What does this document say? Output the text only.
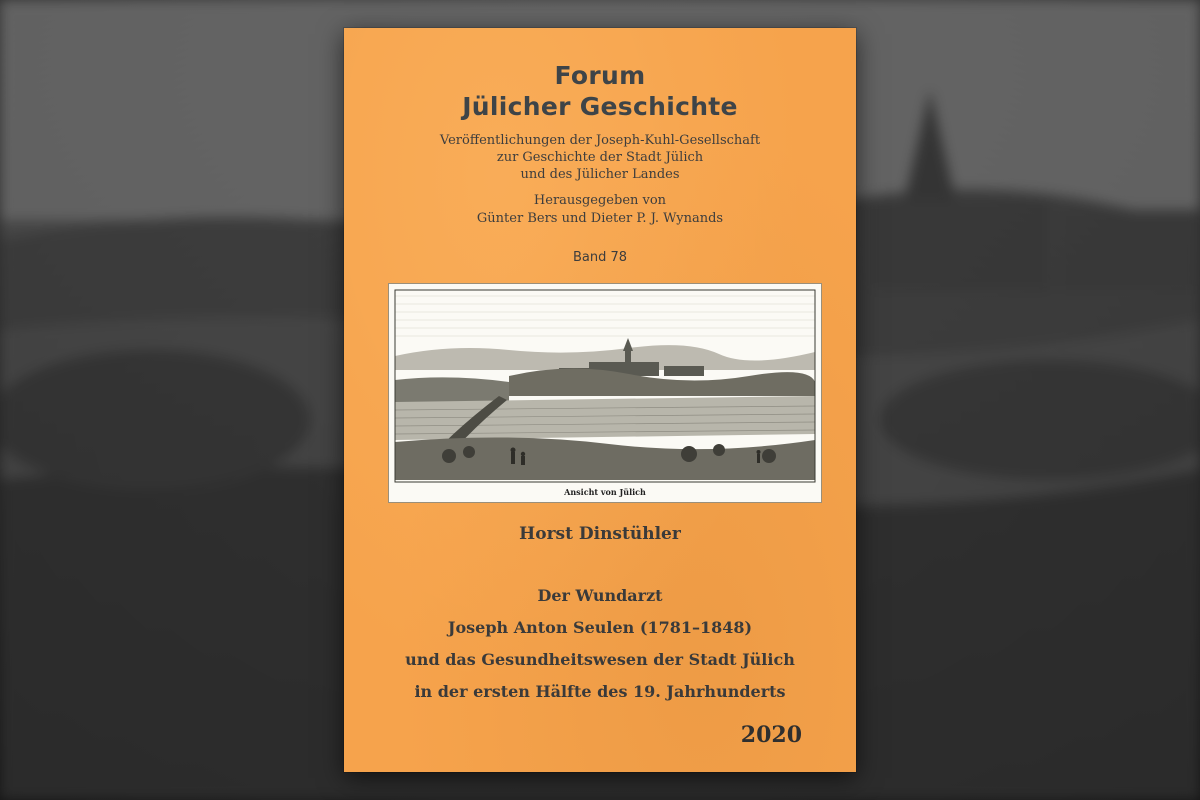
Forum
Jülicher Geschichte
Veröffentlichungen der Joseph-Kuhl-Gesellschaft
zur Geschichte der Stadt Jülich
und des Jülicher Landes
Herausgegeben von
Günter Bers und Dieter P. J. Wynands
Band 78
Ansicht von Jülich
Horst Dinstühler
Der Wundarzt
Joseph Anton Seulen (1781–1848)
und das Gesundheitswesen der Stadt Jülich
in der ersten Hälfte des 19. Jahrhunderts
2020
